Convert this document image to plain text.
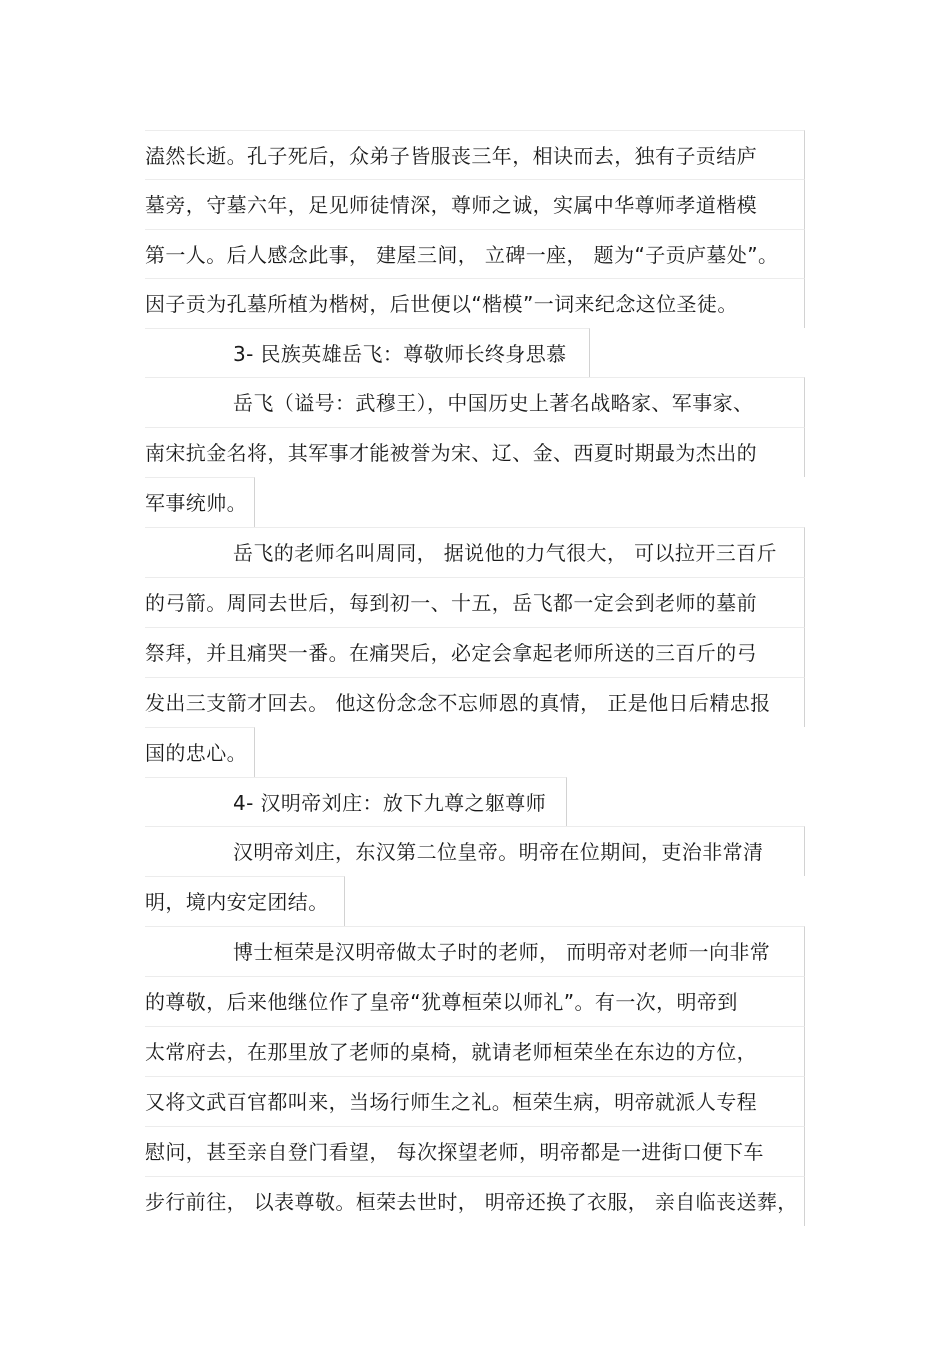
溘然长逝。孔子死后，众弟子皆服丧三年，相诀而去，独有子贡结庐
墓旁，守墓六年，足见师徒情深，尊师之诚，实属中华尊师孝道楷模
第一人。后人感念此事， 建屋三间， 立碑一座， 题为“子贡庐墓处”。
因子贡为孔墓所植为楷树，后世便以“楷模”一词来纪念这位圣徒。
3- 民族英雄岳飞：尊敬师长终身思慕
岳飞（谥号：武穆王），中国历史上著名战略家、军事家、
南宋抗金名将，其军事才能被誉为宋、辽、金、西夏时期最为杰出的
军事统帅。
岳飞的老师名叫周同， 据说他的力气很大， 可以拉开三百斤
的弓箭。周同去世后，每到初一、十五，岳飞都一定会到老师的墓前
祭拜，并且痛哭一番。在痛哭后，必定会拿起老师所送的三百斤的弓
发出三支箭才回去。 他这份念念不忘师恩的真情， 正是他日后精忠报
国的忠心。
4- 汉明帝刘庄：放下九尊之躯尊师
汉明帝刘庄，东汉第二位皇帝。明帝在位期间，吏治非常清
明，境内安定团结。
博士桓荣是汉明帝做太子时的老师， 而明帝对老师一向非常
的尊敬，后来他继位作了皇帝“犹尊桓荣以师礼”。有一次，明帝到
太常府去，在那里放了老师的桌椅，就请老师桓荣坐在东边的方位，
又将文武百官都叫来，当场行师生之礼。桓荣生病，明帝就派人专程
慰问，甚至亲自登门看望， 每次探望老师，明帝都是一进街口便下车
步行前往， 以表尊敬。桓荣去世时， 明帝还换了衣服， 亲自临丧送葬，
